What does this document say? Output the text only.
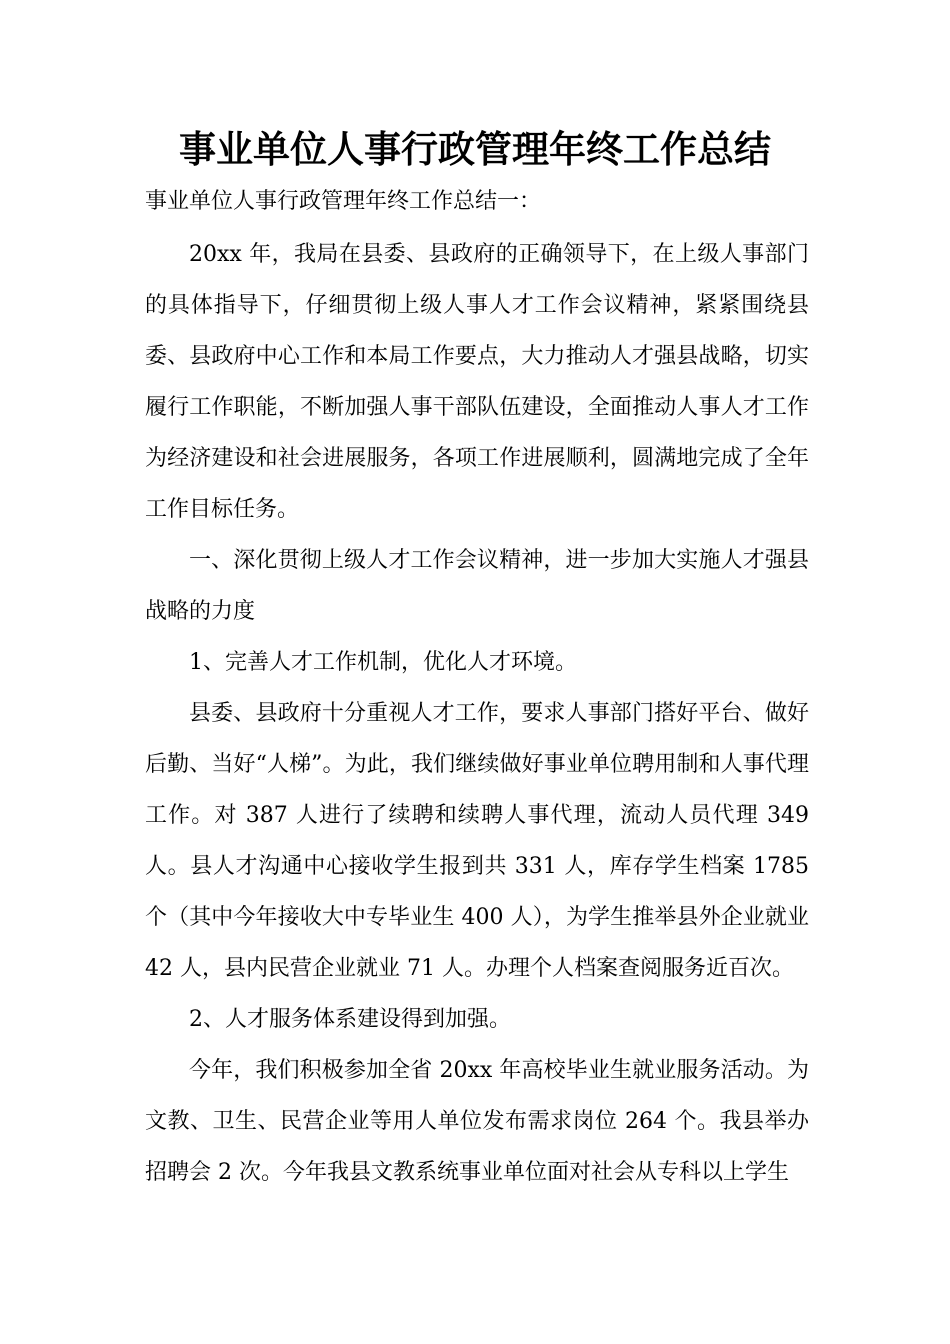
事业单位人事行政管理年终工作总结

事业单位人事行政管理年终工作总结一：

20xx 年，我局在县委、县政府的正确领导下，在上级人事部门的具体指导下，仔细贯彻上级人事人才工作会议精神，紧紧围绕县委、县政府中心工作和本局工作要点，大力推动人才强县战略，切实履行工作职能，不断加强人事干部队伍建设，全面推动人事人才工作为经济建设和社会进展服务，各项工作进展顺利，圆满地完成了全年工作目标任务。

一、深化贯彻上级人才工作会议精神，进一步加大实施人才强县战略的力度

1、完善人才工作机制，优化人才环境。

县委、县政府十分重视人才工作，要求人事部门搭好平台、做好后勤、当好“人梯”。为此，我们继续做好事业单位聘用制和人事代理工作。对 387 人进行了续聘和续聘人事代理，流动人员代理 349 人。县人才沟通中心接收学生报到共 331 人，库存学生档案 1785 个（其中今年接收大中专毕业生 400 人），为学生推举县外企业就业 42 人，县内民营企业就业 71 人。办理个人档案查阅服务近百次。

2、人才服务体系建设得到加强。

今年，我们积极参加全省 20xx 年高校毕业生就业服务活动。为文教、卫生、民营企业等用人单位发布需求岗位 264 个。我县举办招聘会 2 次。今年我县文教系统事业单位面对社会从专科以上学生
